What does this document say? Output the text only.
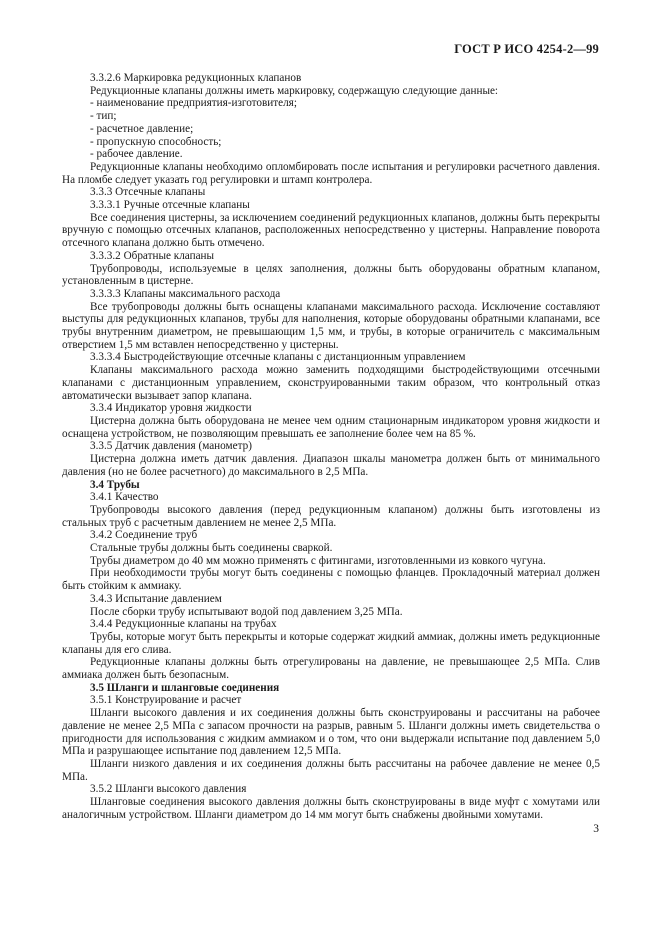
ГОСТ Р ИСО 4254-2—99

3.3.2.6 Маркировка редукционных клапанов

Редукционные клапаны должны иметь маркировку, содержащую следующие данные:

- наименование предприятия-изготовителя;

- тип;

- расчетное давление;

- пропускную способность;

- рабочее давление.

Редукционные клапаны необходимо опломбировать после испытания и регулировки расчетного давления. На пломбе следует указать год регулировки и штамп контролера.

3.3.3 Отсечные клапаны

3.3.3.1 Ручные отсечные клапаны

Все соединения цистерны, за исключением соединений редукционных клапанов, должны быть перекрыты вручную с помощью отсечных клапанов, расположенных непосредственно у цистерны. Направление поворота отсечного клапана должно быть отмечено.

3.3.3.2 Обратные клапаны

Трубопроводы, используемые в целях заполнения, должны быть оборудованы обратным клапаном, установленным в цистерне.

3.3.3.3 Клапаны максимального расхода

Все трубопроводы должны быть оснащены клапанами максимального расхода. Исключение составляют выступы для редукционных клапанов, трубы для наполнения, которые оборудованы обратными клапанами, все трубы внутренним диаметром, не превышающим 1,5 мм, и трубы, в которые ограничитель с максимальным отверстием 1,5 мм вставлен непосредственно у цистерны.

3.3.3.4 Быстродействующие отсечные клапаны с дистанционным управлением

Клапаны максимального расхода можно заменить подходящими быстродействующими отсечными клапанами с дистанционным управлением, сконструированными таким образом, что контрольный отказ автоматически вызывает запор клапана.

3.3.4 Индикатор уровня жидкости

Цистерна должна быть оборудована не менее чем одним стационарным индикатором уровня жидкости и оснащена устройством, не позволяющим превышать ее заполнение более чем на 85 %.

3.3.5 Датчик давления (манометр)

Цистерна должна иметь датчик давления. Диапазон шкалы манометра должен быть от минимального давления (но не более расчетного) до максимального в 2,5 МПа.

3.4 Трубы

3.4.1 Качество

Трубопроводы высокого давления (перед редукционным клапаном) должны быть изготовлены из стальных труб с расчетным давлением не менее 2,5 МПа.

3.4.2 Соединение труб

Стальные трубы должны быть соединены сваркой.

Трубы диаметром до 40 мм можно применять с фитингами, изготовленными из ковкого чугуна.

При необходимости трубы могут быть соединены с помощью фланцев. Прокладочный материал должен быть стойким к аммиаку.

3.4.3 Испытание давлением

После сборки трубу испытывают водой под давлением 3,25 МПа.

3.4.4 Редукционные клапаны на трубах

Трубы, которые могут быть перекрыты и которые содержат жидкий аммиак, должны иметь редукционные клапаны для его слива.

Редукционные клапаны должны быть отрегулированы на давление, не превышающее 2,5 МПа. Слив аммиака должен быть безопасным.

3.5 Шланги и шланговые соединения

3.5.1 Конструирование и расчет

Шланги высокого давления и их соединения должны быть сконструированы и рассчитаны на рабочее давление не менее 2,5 МПа с запасом прочности на разрыв, равным 5. Шланги должны иметь свидетельства о пригодности для использования с жидким аммиаком и о том, что они выдержали испытание под давлением 5,0 МПа и разрушающее испытание под давлением 12,5 МПа.

Шланги низкого давления и их соединения должны быть рассчитаны на рабочее давление не менее 0,5 МПа.

3.5.2 Шланги высокого давления

Шланговые соединения высокого давления должны быть сконструированы в виде муфт с хомутами или аналогичным устройством. Шланги диаметром до 14 мм могут быть снабжены двойными хомутами.

3
